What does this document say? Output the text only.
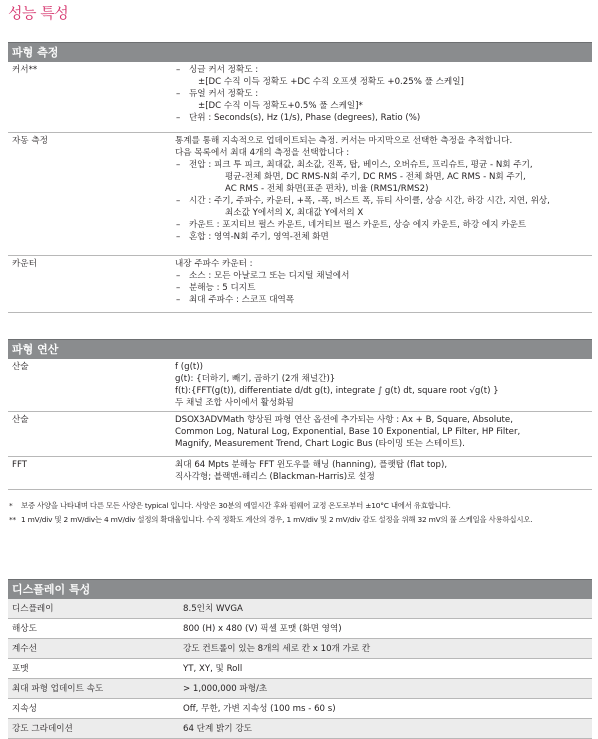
성능 특성
파형 측정
커서**	– 싱글 커서 정확도 :
±[DC 수직 이득 정확도 +DC 수직 오프셋 정확도 +0.25% 풀 스케일]
– 듀얼 커서 정확도 :
±[DC 수직 이득 정확도+0.5% 풀 스케일]*
– 단위 : Seconds(s), Hz (1/s), Phase (degrees), Ratio (%)
자동 측정	통계를 통해 지속적으로 업데이트되는 측정. 커서는 마지막으로 선택한 측정을 추적합니다.
다음 목록에서 최대 4개의 측정을 선택합니다 :
– 전압 : 피크 투 피크, 최대값, 최소값, 진폭, 탑, 베이스, 오버슈트, 프리슈트, 평균 - N회 주기,
평균-전체 화면, DC RMS-N회 주기, DC RMS - 전체 화면, AC RMS - N회 주기,
AC RMS - 전체 화면(표준 편차), 비율 (RMS1/RMS2)
– 시간 : 주기, 주파수, 카운터, +폭, -폭, 버스트 폭, 듀티 사이클, 상승 시간, 하강 시간, 지연, 위상,
최소값 Y에서의 X, 최대값 Y에서의 X
– 카운트 : 포지티브 펄스 카운트, 네거티브 펄스 카운트, 상승 에지 카운트, 하강 에지 카운트
– 혼합 : 영역-N회 주기, 영역-전체 화면
카운터	내장 주파수 카운터 :
– 소스 : 모든 아날로그 또는 디지털 채널에서
– 분해능 : 5 디지트
– 최대 주파수 : 스코프 대역폭
파형 연산
산술	f (g(t))
g(t): {더하기, 빼기, 곱하기 (2개 채널간)}
f(t):{FFT(g(t)), differentiate d/dt g(t), integrate ∫ g(t) dt, square root √g(t) }
두 채널 조합 사이에서 활성화됨
산술	DSOX3ADVMath 향상된 파형 연산 옵션에 추가되는 사항 : Ax + B, Square, Absolute,
Common Log, Natural Log, Exponential, Base 10 Exponential, LP Filter, HP Filter,
Magnify, Measurement Trend, Chart Logic Bus (타이밍 또는 스테이트).
FFT	최대 64 Mpts 분해능 FFT 윈도우를 해닝 (hanning), 플랫탑 (flat top),
직사각형; 블랙맨-해리스 (Blackman-Harris)로 설정
* 보증 사양을 나타내며 다른 모든 사양은 typical 입니다. 사양은 30분의 예열시간 후와 펌웨어 교정 온도로부터 ±10°C 내에서 유효합니다.
** 1 mV/div 및 2 mV/div는 4 mV/div 설정의 확대율입니다. 수직 정확도 계산의 경우, 1 mV/div 및 2 mV/div 감도 설정을 위해 32 mV의 풀 스케일을 사용하십시오.
디스플레이 특성
디스플레이	8.5인치 WVGA
해상도	800 (H) x 480 (V) 픽셀 포맷 (화면 영역)
계수선	강도 컨트롤이 있는 8개의 세로 칸 x 10개 가로 칸
포맷	YT, XY, 및 Roll
최대 파형 업데이트 속도	> 1,000,000 파형/초
지속성	Off, 무한, 가변 지속성 (100 ms - 60 s)
강도 그라데이션	64 단계 밝기 강도
